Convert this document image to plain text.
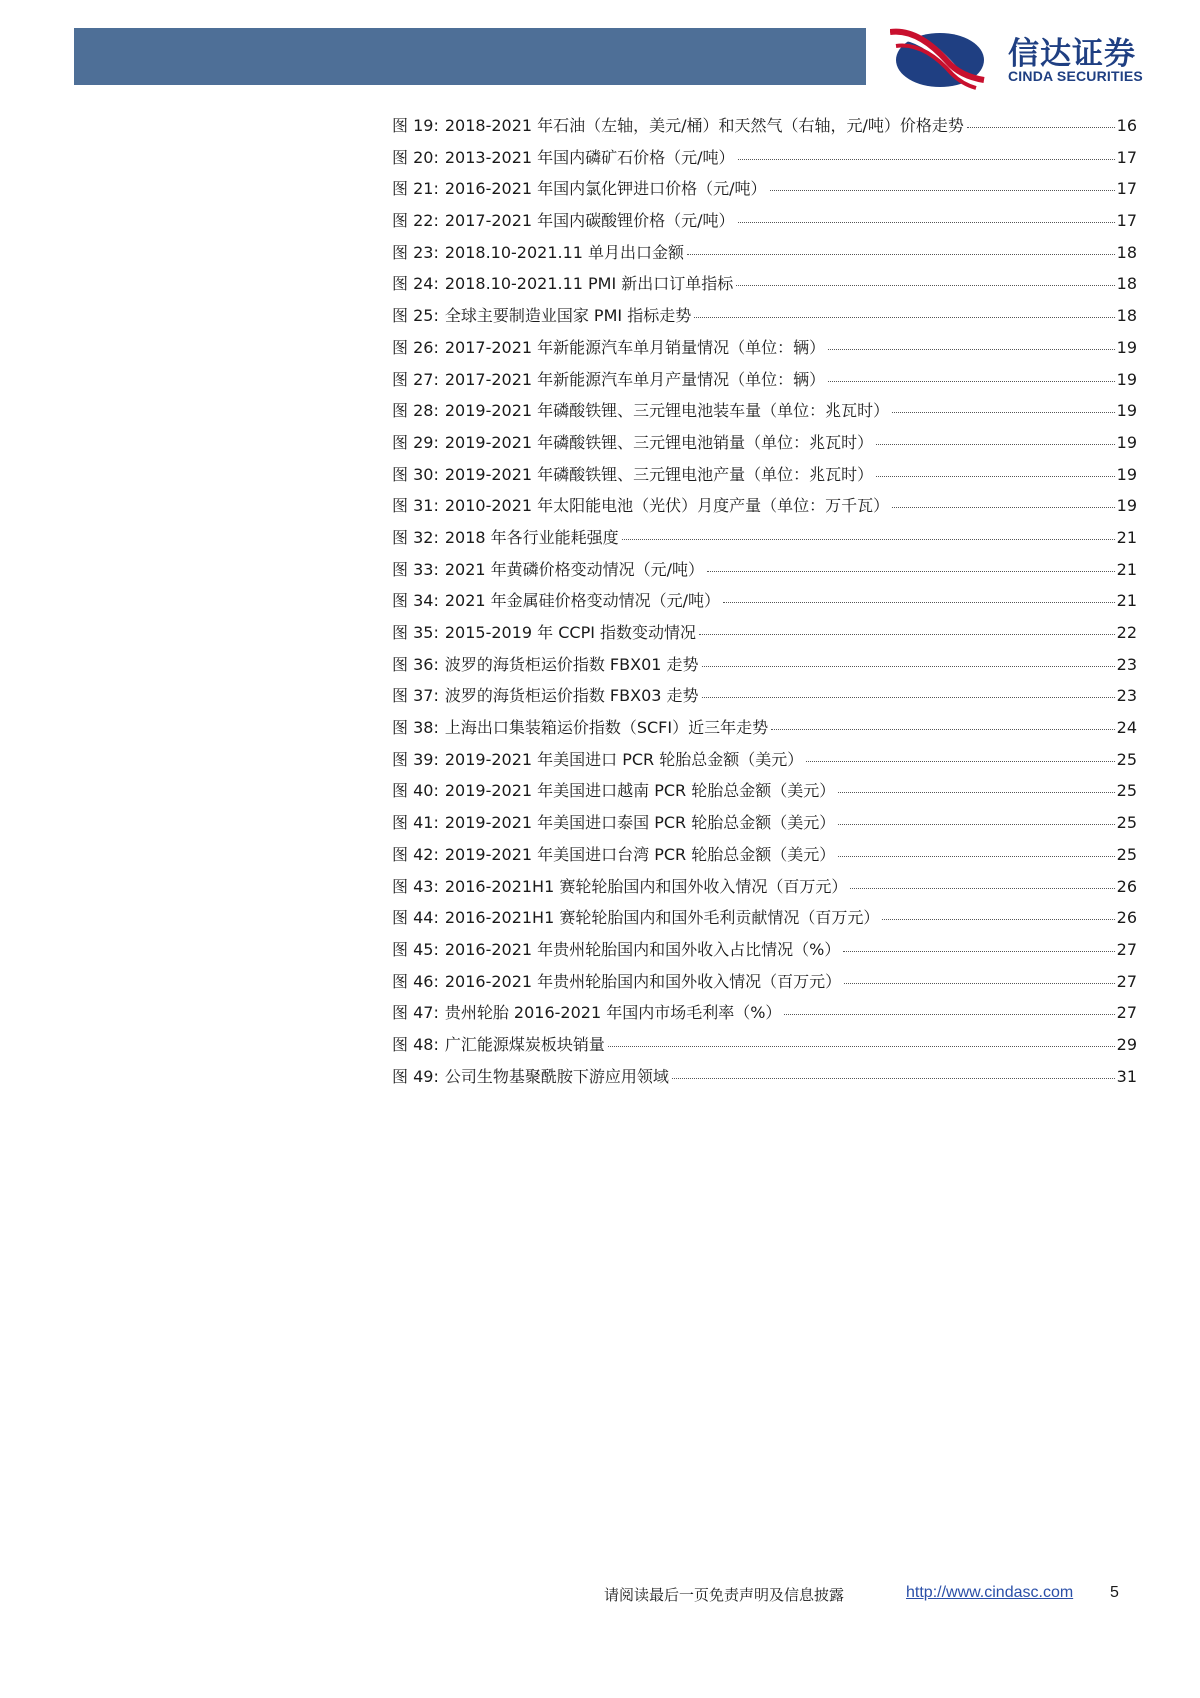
信达证券
CINDA SECURITIES
图 19: 2018-2021 年石油（左轴，美元/桶）和天然气（右轴，元/吨）价格走势	16
图 20: 2013-2021 年国内磷矿石价格（元/吨）	17
图 21: 2016-2021 年国内氯化钾进口价格（元/吨）	17
图 22: 2017-2021 年国内碳酸锂价格（元/吨）	17
图 23: 2018.10-2021.11 单月出口金额	18
图 24: 2018.10-2021.11 PMI 新出口订单指标	18
图 25: 全球主要制造业国家 PMI 指标走势	18
图 26: 2017-2021 年新能源汽车单月销量情况（单位：辆）	19
图 27: 2017-2021 年新能源汽车单月产量情况（单位：辆）	19
图 28: 2019-2021 年磷酸铁锂、三元锂电池装车量（单位：兆瓦时）	19
图 29: 2019-2021 年磷酸铁锂、三元锂电池销量（单位：兆瓦时）	19
图 30: 2019-2021 年磷酸铁锂、三元锂电池产量（单位：兆瓦时）	19
图 31: 2010-2021 年太阳能电池（光伏）月度产量（单位：万千瓦）	19
图 32: 2018 年各行业能耗强度	21
图 33: 2021 年黄磷价格变动情况（元/吨）	21
图 34: 2021 年金属硅价格变动情况（元/吨）	21
图 35: 2015-2019 年 CCPI 指数变动情况	22
图 36: 波罗的海货柜运价指数 FBX01 走势	23
图 37: 波罗的海货柜运价指数 FBX03 走势	23
图 38: 上海出口集装箱运价指数（SCFI）近三年走势	24
图 39: 2019-2021 年美国进口 PCR 轮胎总金额（美元）	25
图 40: 2019-2021 年美国进口越南 PCR 轮胎总金额（美元）	25
图 41: 2019-2021 年美国进口泰国 PCR 轮胎总金额（美元）	25
图 42: 2019-2021 年美国进口台湾 PCR 轮胎总金额（美元）	25
图 43: 2016-2021H1 赛轮轮胎国内和国外收入情况（百万元）	26
图 44: 2016-2021H1 赛轮轮胎国内和国外毛利贡献情况（百万元）	26
图 45: 2016-2021 年贵州轮胎国内和国外收入占比情况（%）	27
图 46: 2016-2021 年贵州轮胎国内和国外收入情况（百万元）	27
图 47: 贵州轮胎 2016-2021 年国内市场毛利率（%）	27
图 48: 广汇能源煤炭板块销量	29
图 49: 公司生物基聚酰胺下游应用领域	31
请阅读最后一页免责声明及信息披露	http://www.cindasc.com 5
